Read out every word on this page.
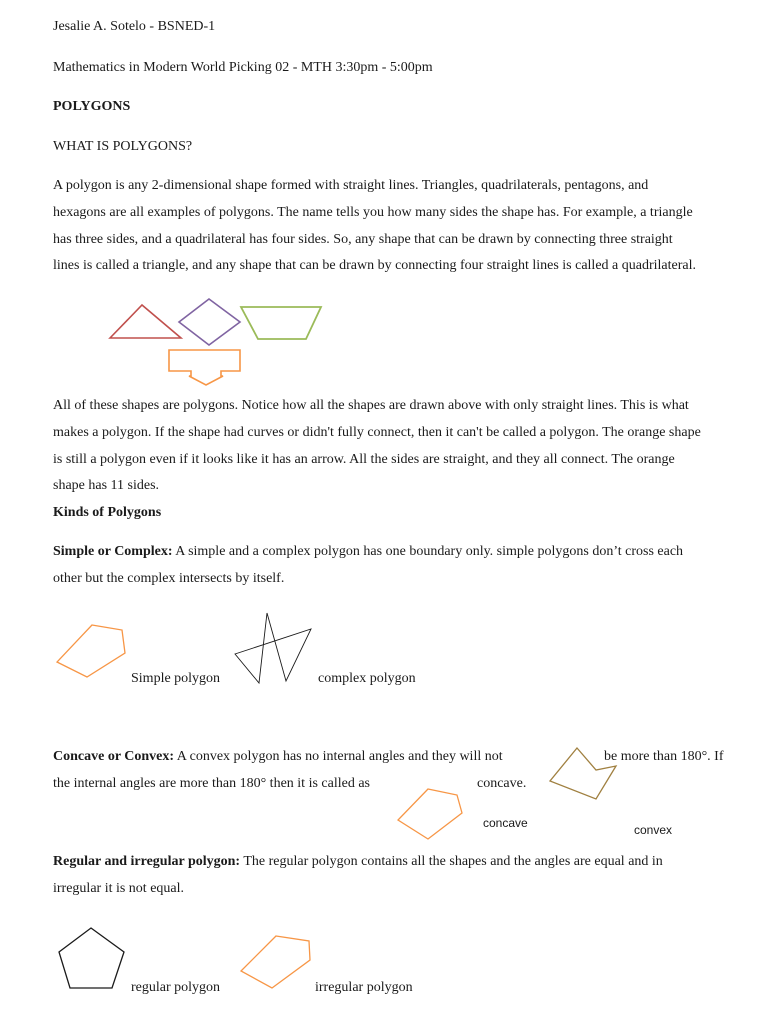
Jesalie A. Sotelo - BSNED-1
Mathematics in Modern World Picking 02 - MTH 3:30pm - 5:00pm
POLYGONS
WHAT IS POLYGONS?
A polygon is any 2-dimensional shape formed with straight lines. Triangles, quadrilaterals, pentagons, and
hexagons are all examples of polygons. The name tells you how many sides the shape has. For example, a triangle
has three sides, and a quadrilateral has four sides. So, any shape that can be drawn by connecting three straight
lines is called a triangle, and any shape that can be drawn by connecting four straight lines is called a quadrilateral.
All of these shapes are polygons. Notice how all the shapes are drawn above with only straight lines. This is what
makes a polygon. If the shape had curves or didn't fully connect, then it can't be called a polygon. The orange shape
is still a polygon even if it looks like it has an arrow. All the sides are straight, and they all connect. The orange
shape has 11 sides.
Kinds of Polygons
Simple or Complex: A simple and a complex polygon has one boundary only. simple polygons don’t cross each
other but the complex intersects by itself.
Simple polygon	complex polygon
Concave or Convex: A convex polygon has no internal angles and they will not	be more than 180°. If
the internal angles are more than 180° then it is called as	concave.
concave	convex
Regular and irregular polygon: The regular polygon contains all the shapes and the angles are equal and in
irregular it is not equal.
regular polygon	irregular polygon
